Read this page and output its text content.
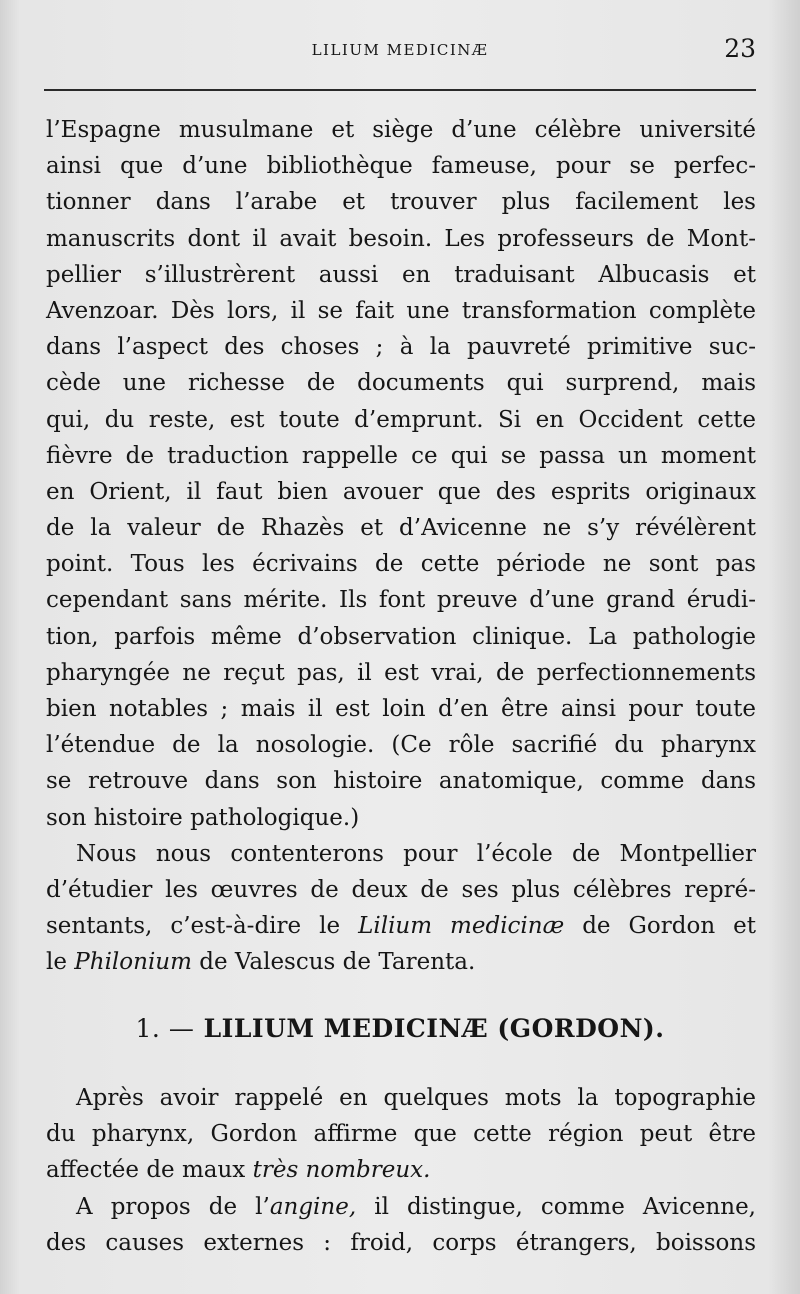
LILIUM MEDICINÆ	23
l’Espagne musulmane et siège d’une célèbre université
ainsi que d’une bibliothèque fameuse, pour se perfec-
tionner dans l’arabe et trouver plus facilement les
manuscrits dont il avait besoin. Les professeurs de Mont-
pellier s’illustrèrent aussi en traduisant Albucasis et
Avenzoar. Dès lors, il se fait une transformation complète
dans l’aspect des choses ; à la pauvreté primitive suc-
cède une richesse de documents qui surprend, mais
qui, du reste, est toute d’emprunt. Si en Occident cette
fièvre de traduction rappelle ce qui se passa un moment
en Orient, il faut bien avouer que des esprits originaux
de la valeur de Rhazès et d’Avicenne ne s’y révélèrent
point. Tous les écrivains de cette période ne sont pas
cependant sans mérite. Ils font preuve d’une grand érudi-
tion, parfois même d’observation clinique. La pathologie
pharyngée ne reçut pas, il est vrai, de perfectionnements
bien notables ; mais il est loin d’en être ainsi pour toute
l’étendue de la nosologie. (Ce rôle sacrifié du pharynx
se retrouve dans son histoire anatomique, comme dans
son histoire pathologique.)
Nous nous contenterons pour l’école de Montpellier
d’étudier les œuvres de deux de ses plus célèbres repré-
sentants, c’est-à-dire le Lilium medicinæ de Gordon et
le Philonium de Valescus de Tarenta.
1. — LILIUM MEDICINÆ (GORDON).
Après avoir rappelé en quelques mots la topographie
du pharynx, Gordon affirme que cette région peut être
affectée de maux très nombreux.
A propos de l’angine, il distingue, comme Avicenne,
des causes externes : froid, corps étrangers, boissons
